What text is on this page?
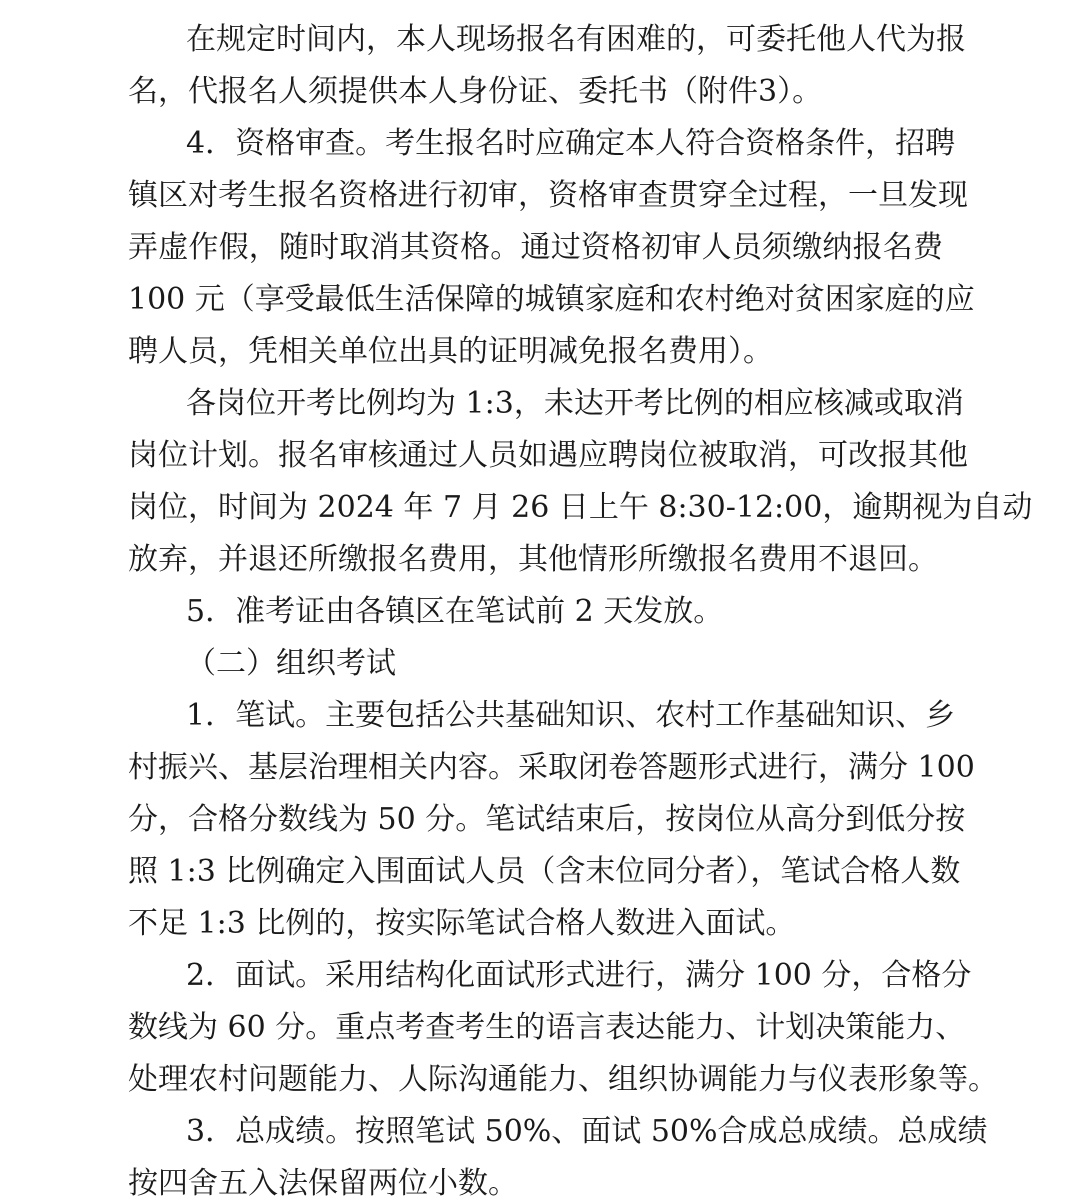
在规定时间内，本人现场报名有困难的，可委托他人代为报
名，代报名人须提供本人身份证、委托书（附件3）。
4．资格审查。考生报名时应确定本人符合资格条件，招聘
镇区对考生报名资格进行初审，资格审查贯穿全过程，一旦发现
弄虚作假，随时取消其资格。通过资格初审人员须缴纳报名费
100 元（享受最低生活保障的城镇家庭和农村绝对贫困家庭的应
聘人员，凭相关单位出具的证明减免报名费用）。
各岗位开考比例均为 1:3，未达开考比例的相应核减或取消
岗位计划。报名审核通过人员如遇应聘岗位被取消，可改报其他
岗位，时间为 2024 年 7 月 26 日上午 8:30-12:00，逾期视为自动
放弃，并退还所缴报名费用，其他情形所缴报名费用不退回。
5．准考证由各镇区在笔试前 2 天发放。
（二）组织考试
1．笔试。主要包括公共基础知识、农村工作基础知识、乡
村振兴、基层治理相关内容。采取闭卷答题形式进行，满分 100
分，合格分数线为 50 分。笔试结束后，按岗位从高分到低分按
照 1:3 比例确定入围面试人员（含末位同分者），笔试合格人数
不足 1:3 比例的，按实际笔试合格人数进入面试。
2．面试。采用结构化面试形式进行，满分 100 分，合格分
数线为 60 分。重点考查考生的语言表达能力、计划决策能力、
处理农村问题能力、人际沟通能力、组织协调能力与仪表形象等。
3．总成绩。按照笔试 50%、面试 50%合成总成绩。总成绩
按四舍五入法保留两位小数。
